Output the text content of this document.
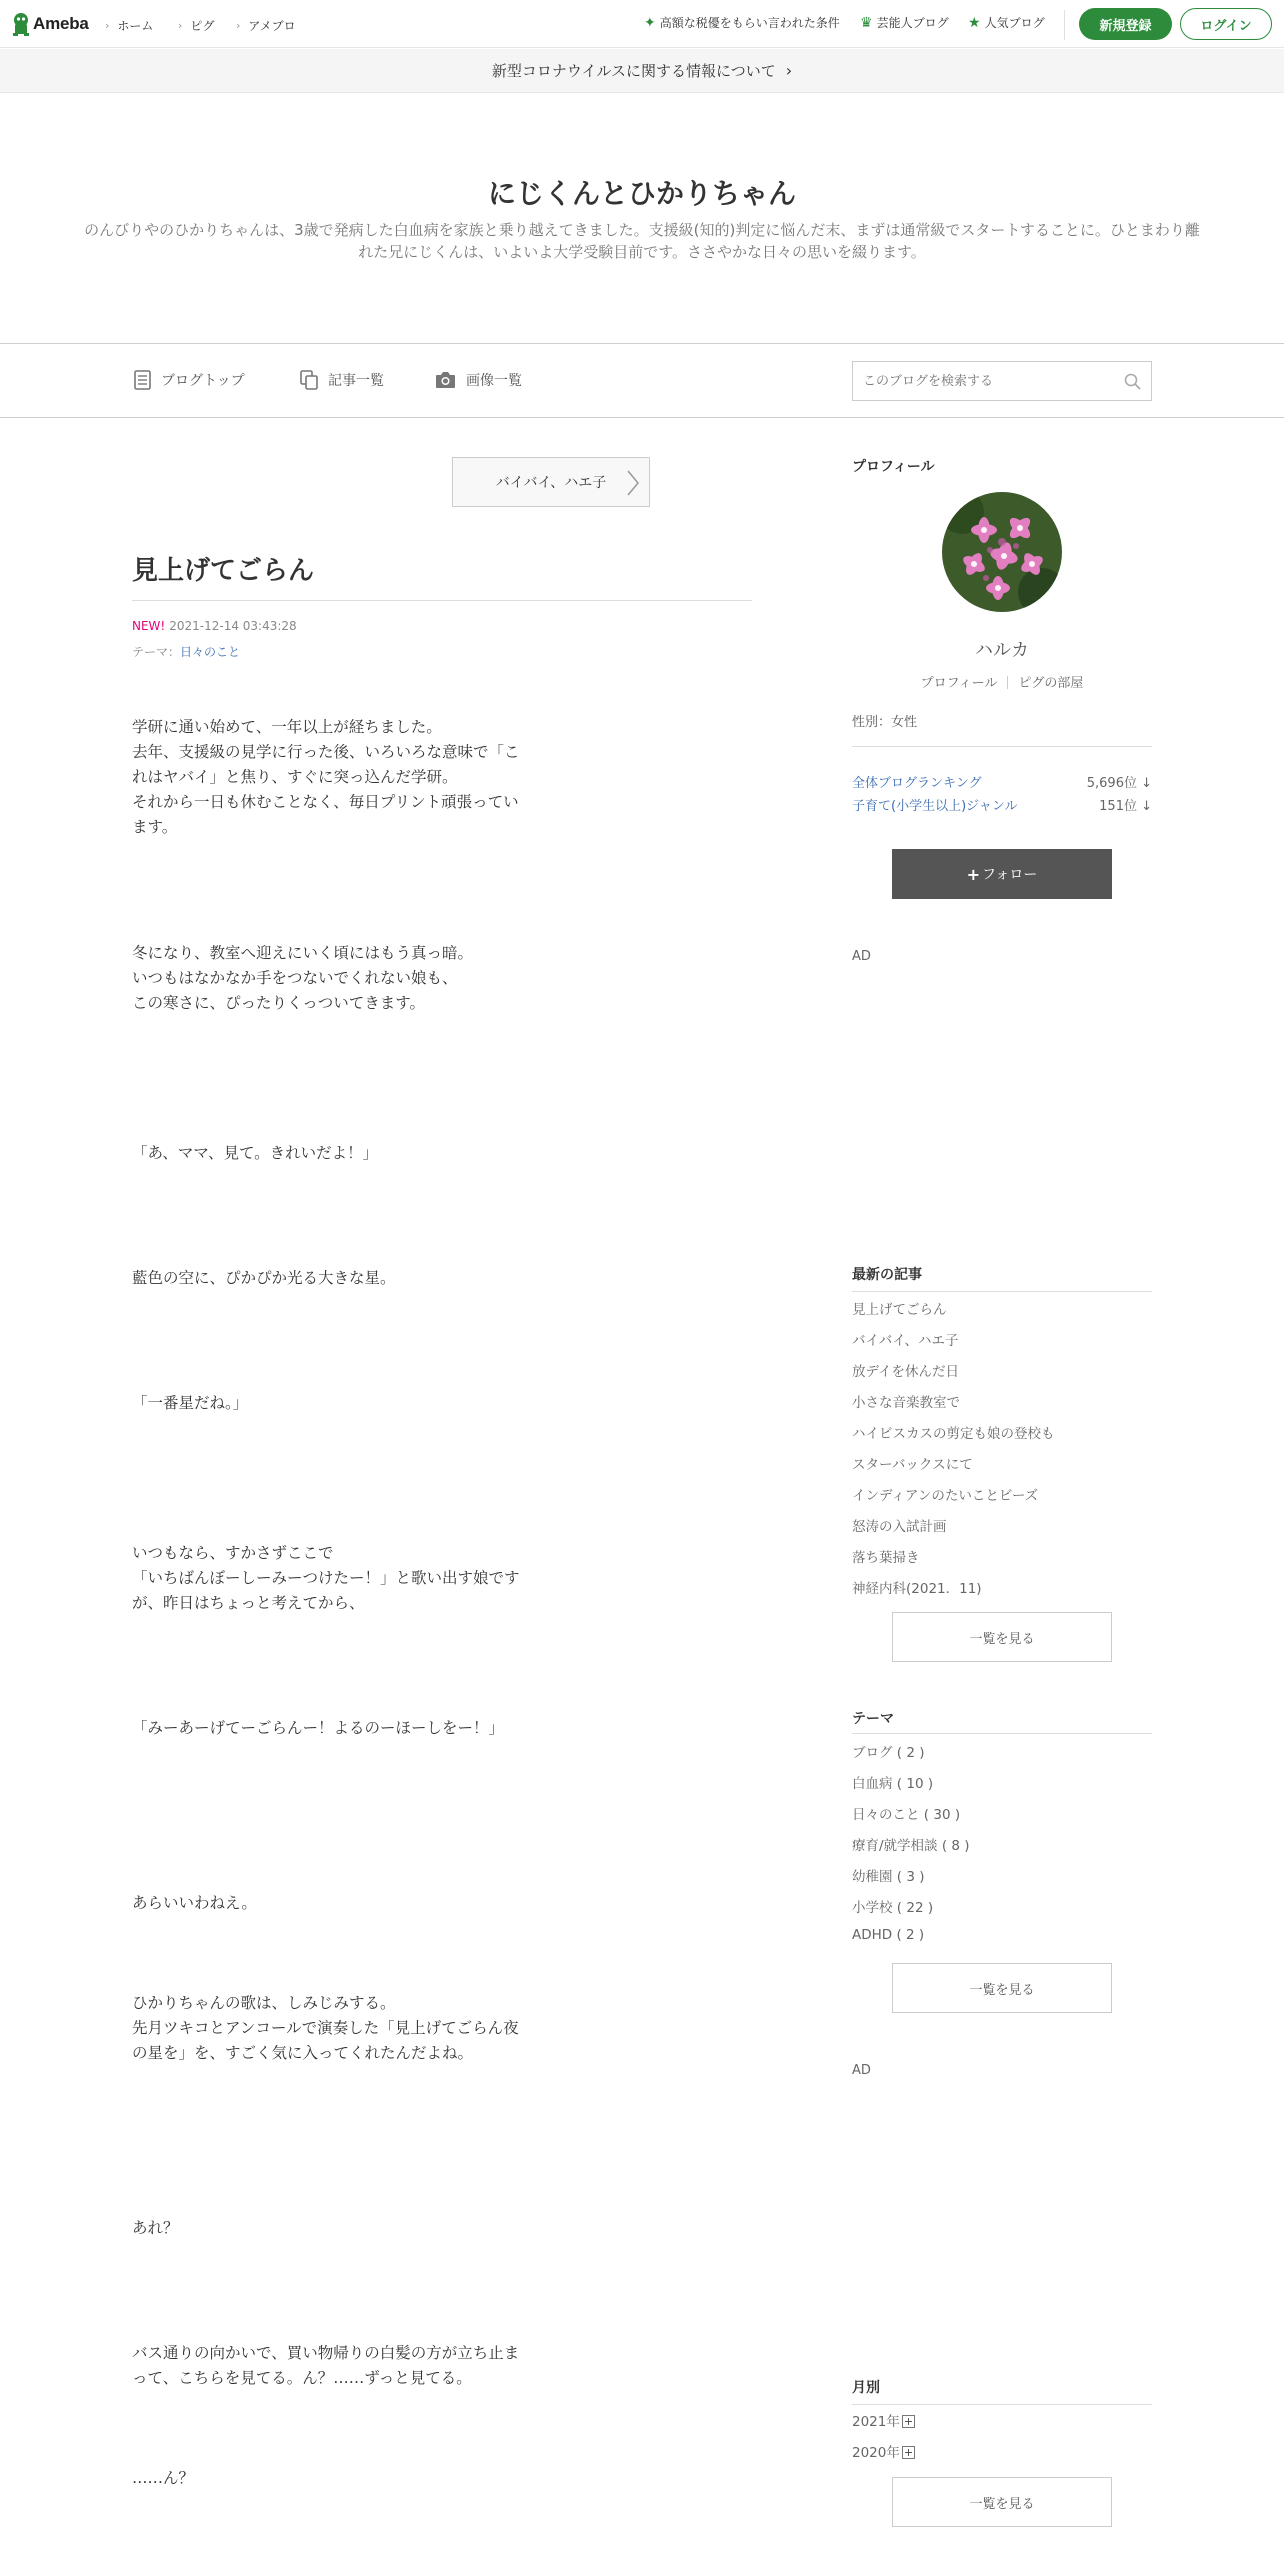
Ameba › ホーム › ピグ › アメブロ	✦ 高額な税優をもらい言われた条件 ♛ 芸能人ブログ ★ 人気ブログ	新規登録	ログイン
新型コロナウイルスに関する情報について ›
にじくんとひかりちゃん
のんびりやのひかりちゃんは、3歳で発病した白血病を家族と乗り越えてきました。支援級(知的)判定に悩んだ末、まずは通常級でスタートすることに。ひとまわり離れた兄にじくんは、いよいよ大学受験目前です。ささやかな日々の思いを綴ります。
ブログトップ	記事一覧	画像一覧
このブログを検索する
バイバイ、ハエ子
見上げてごらん
NEW! 2021-12-14 03:43:28
テーマ：日々のこと
学研に通い始めて、一年以上が経ちました。
去年、支援級の見学に行った後、いろいろな意味で「これはヤバイ」と焦り、すぐに突っ込んだ学研。
それから一日も休むことなく、毎日プリント頑張っています。
冬になり、教室へ迎えにいく頃にはもう真っ暗。
いつもはなかなか手をつないでくれない娘も、
この寒さに、ぴったりくっついてきます。
「あ、ママ、見て。きれいだよ！」
藍色の空に、ぴかぴか光る大きな星。
「一番星だね。」
いつもなら、すかさずここで
「いちばんぼーしーみーつけたー！」と歌い出す娘ですが、昨日はちょっと考えてから、
「みーあーげてーごらんー！よるのーほーしをー！」
あらいいわねえ。
ひかりちゃんの歌は、しみじみする。
先月ツキコとアンコールで演奏した「見上げてごらん夜の星を」を、すごく気に入ってくれたんだよね。
あれ？
バス通りの向かいで、買い物帰りの白髪の方が立ち止まって、こちらを見てる。ん？……ずっと見てる。
……ん？
プロフィール
ハルカ
プロフィール ピグの部屋
性別：女性
全体ブログランキング	5,696位 ↓
子育て(小学生以上)ジャンル	151位 ↓
+ フォロー
AD
最新の記事
見上げてごらん
バイバイ、ハエ子
放デイを休んだ日
小さな音楽教室で
ハイビスカスの剪定も娘の登校も
スターバックスにて
インディアンのたいことビーズ
怒涛の入試計画
落ち葉掃き
神経内科(2021．11)
一覧を見る
テーマ
ブログ ( 2 )
白血病 ( 10 )
日々のこと ( 30 )
療育/就学相談 ( 8 )
幼稚園 ( 3 )
小学校 ( 22 )
ADHD ( 2 )
一覧を見る
AD
月別
2021年
2020年
一覧を見る
